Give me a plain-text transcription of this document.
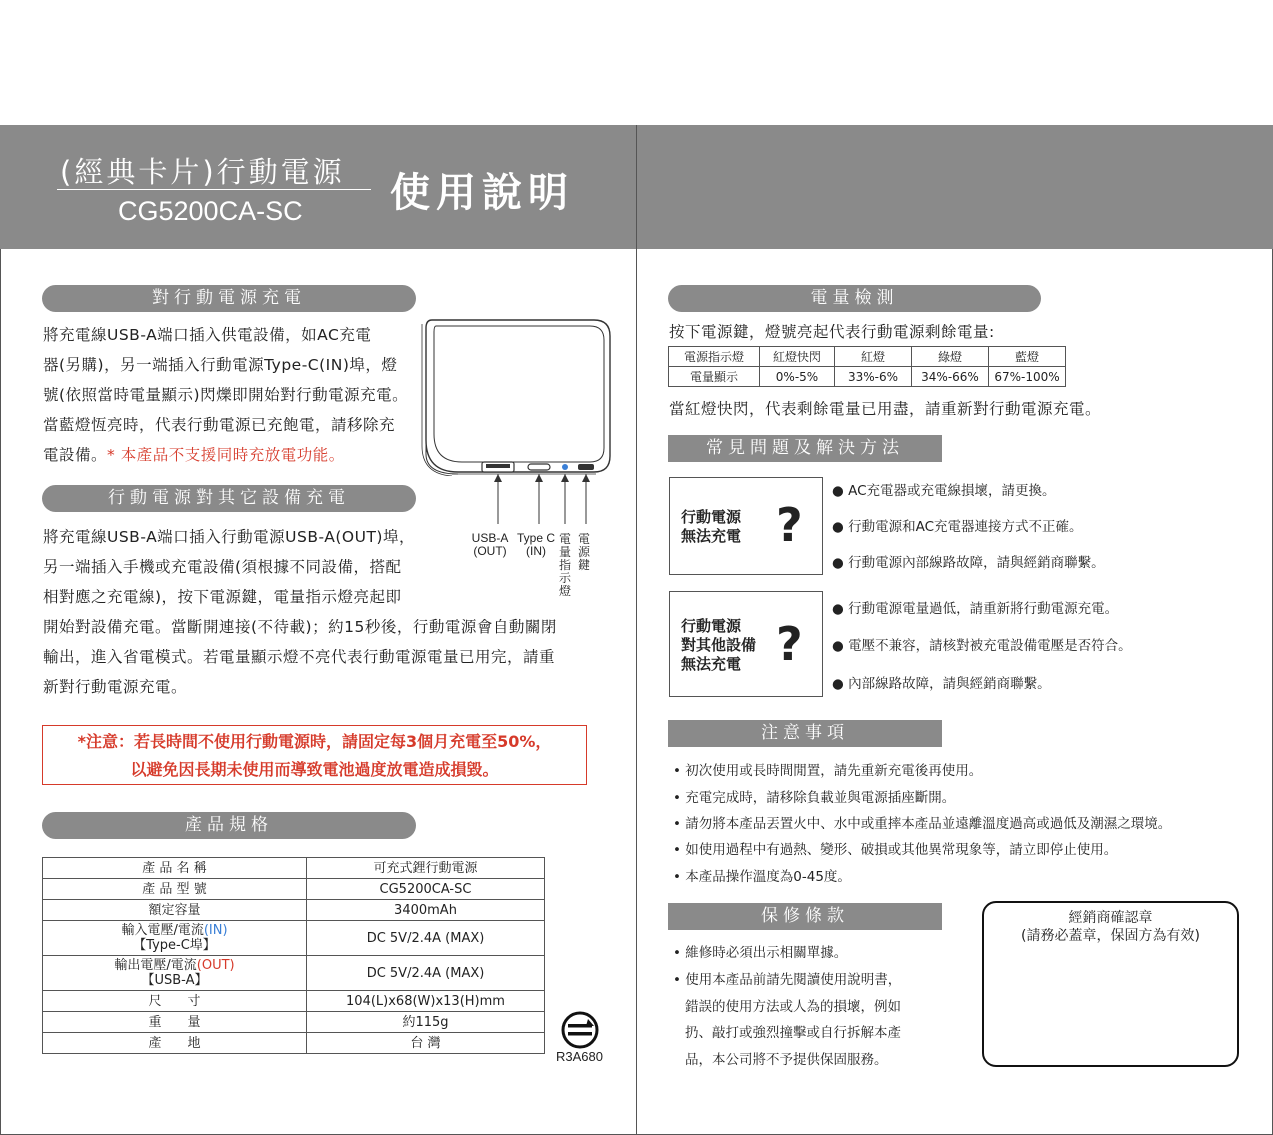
(經典卡片)行動電源
CG5200CA-SC 使用說明
對行動電源充電
將充電線USB-A端口插入供電設備，如AC充電
器(另購)，另一端插入行動電源Type-C(IN)埠，燈
號(依照當時電量顯示)閃爍即開始對行動電源充電。
當藍燈恆亮時，代表行動電源已充飽電，請移除充
電設備。* 本產品不支援同時充放電功能。
USB-A
(OUT)
Type C
(IN)
電量指示燈
電源鍵
行動電源對其它設備充電
將充電線USB-A端口插入行動電源USB-A(OUT)埠，
另一端插入手機或充電設備(須根據不同設備，搭配
相對應之充電線)，按下電源鍵，電量指示燈亮起即
開始對設備充電。當斷開連接(不待載)；約15秒後，行動電源會自動關閉
輸出，進入省電模式。若電量顯示燈不亮代表行動電源電量已用完，請重
新對行動電源充電。
*注意：若長時間不使用行動電源時，請固定每3個月充電至50%，
以避免因長期未使用而導致電池過度放電造成損毀。
產品規格
產 品 名 稱	可充式鋰行動電源
產 品 型 號	CG5200CA-SC
額定容量	3400mAh
輸入電壓/電流(IN)
【Type-C埠】	DC 5V/2.4A (MAX)
輸出電壓/電流(OUT)
【USB-A】	DC 5V/2.4A (MAX)
尺　　寸	104(L)x68(W)x13(H)mm
重　　量	約115g
產　　地	台 灣
R3A680
電量檢測
按下電源鍵，燈號亮起代表行動電源剩餘電量:
電源指示燈	紅燈快閃	紅燈	綠燈	藍燈
電量顯示	0%-5%	33%-6%	34%-66%	67%-100%
當紅燈快閃，代表剩餘電量已用盡，請重新對行動電源充電。
常見問題及解決方法
行動電源
無法充電 ?
● AC充電器或充電線損壞，請更換。
● 行動電源和AC充電器連接方式不正確。
● 行動電源內部線路故障，請與經銷商聯繫。
行動電源
對其他設備
無法充電 ?
● 行動電源電量過低，請重新將行動電源充電。
● 電壓不兼容，請核對被充電設備電壓是否符合。
● 內部線路故障，請與經銷商聯繫。
注意事項
• 初次使用或長時間閒置，請先重新充電後再使用。
• 充電完成時，請移除負載並與電源插座斷開。
• 請勿將本產品丟置火中、水中或重摔本產品並遠離溫度過高或過低及潮濕之環境。
• 如使用過程中有過熱、變形、破損或其他異常現象等，請立即停止使用。
• 本產品操作溫度為0-45度。
保修條款
• 維修時必須出示相關單據。
• 使用本產品前請先閱讀使用說明書，
錯誤的使用方法或人為的損壞，例如
扔、敲打或強烈撞擊或自行拆解本產
品，本公司將不予提供保固服務。
經銷商確認章
(請務必蓋章，保固方為有效)
